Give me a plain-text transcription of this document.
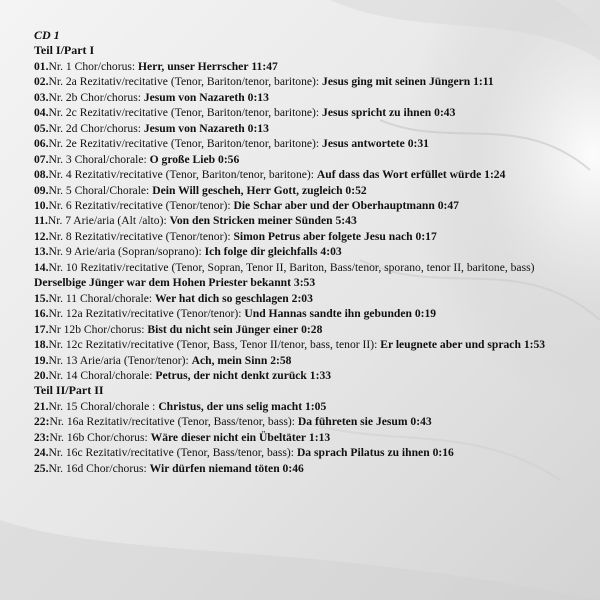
CD 1

Teil I/Part I

01.Nr. 1 Chor/chorus: Herr, unser Herrscher 11:47

02.Nr. 2a Rezitativ/recitative (Tenor, Bariton/tenor, baritone): Jesus ging mit seinen Jüngern 1:11

03.Nr. 2b Chor/chorus: Jesum von Nazareth 0:13

04.Nr. 2c Rezitativ/recitative (Tenor, Bariton/tenor, baritone): Jesus spricht zu ihnen 0:43

05.Nr. 2d Chor/chorus: Jesum von Nazareth 0:13

06.Nr. 2e Rezitativ/recitative (Tenor, Bariton/tenor, baritone): Jesus antwortete 0:31

07.Nr. 3 Choral/chorale: O große Lieb 0:56

08.Nr. 4 Rezitativ/recitative (Tenor, Bariton/tenor, baritone): Auf dass das Wort erfüllet würde 1:24

09.Nr. 5 Choral/Chorale: Dein Will gescheh, Herr Gott, zugleich 0:52

10.Nr. 6 Rezitativ/recitative (Tenor/tenor): Die Schar aber und der Oberhauptmann 0:47

11.Nr. 7 Arie/aria (Alt /alto): Von den Stricken meiner Sünden 5:43

12.Nr. 8 Rezitativ/recitative (Tenor/tenor): Simon Petrus aber folgete Jesu nach 0:17

13.Nr. 9 Arie/aria (Sopran/soprano): Ich folge dir gleichfalls 4:03

14.Nr. 10 Rezitativ/recitative (Tenor, Sopran, Tenor II, Bariton, Bass/tenor, sporano, tenor II, baritone, bass) Derselbige Jünger war dem Hohen Priester bekannt 3:53

15.Nr. 11 Choral/chorale: Wer hat dich so geschlagen 2:03

16.Nr. 12a Rezitativ/recitative (Tenor/tenor): Und Hannas sandte ihn gebunden 0:19

17.Nr 12b Chor/chorus: Bist du nicht sein Jünger einer 0:28

18.Nr. 12c Rezitativ/recitative (Tenor, Bass, Tenor II/tenor, bass, tenor II): Er leugnete aber und sprach 1:53

19.Nr. 13 Arie/aria (Tenor/tenor): Ach, mein Sinn 2:58

20.Nr. 14 Choral/chorale: Petrus, der nicht denkt zurück 1:33

Teil II/Part II

21.Nr. 15 Choral/chorale : Christus, der uns selig macht 1:05

22:Nr. 16a Rezitativ/recitative (Tenor, Bass/tenor, bass): Da führeten sie Jesum 0:43

23:Nr. 16b Chor/chorus: Wäre dieser nicht ein Übeltäter 1:13

24.Nr. 16c Rezitativ/recitative (Tenor, Bass/tenor, bass): Da sprach Pilatus zu ihnen 0:16

25.Nr. 16d Chor/chorus: Wir dürfen niemand töten 0:46
